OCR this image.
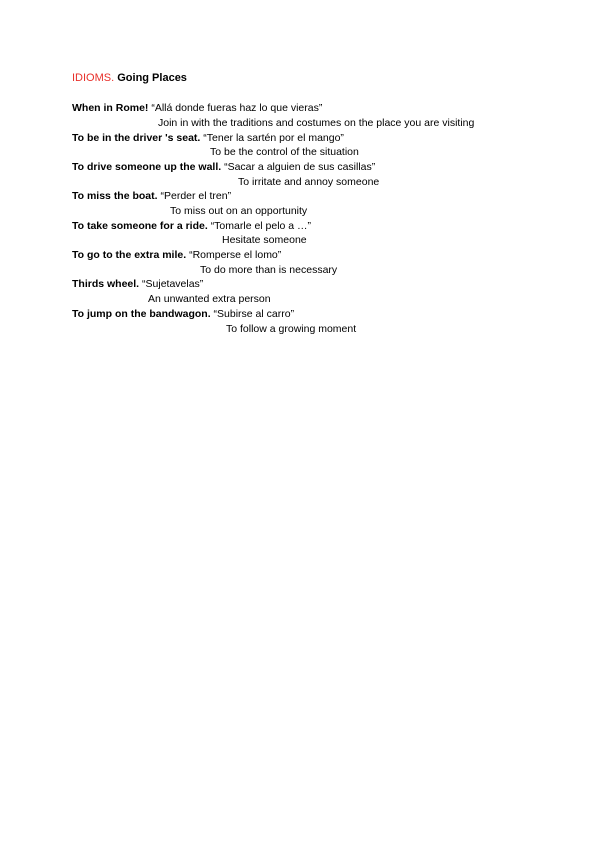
IDIOMS. Going Places
When in Rome! “Allá donde fueras haz lo que vieras”
Join in with the traditions and costumes on the place you are visiting
To be in the driver 's seat. “Tener la sartén por el mango”
To be the control of the situation
To drive someone up the wall. “Sacar a alguien de sus casillas”
To irritate and annoy someone
To miss the boat. “Perder el tren”
To miss out on an opportunity
To take someone for a ride. “Tomarle el pelo a …”
Hesitate someone
To go to the extra mile. “Romperse el lomo”
To do more than is necessary
Thirds wheel. “Sujetavelas”
An unwanted extra person
To jump on the bandwagon. “Subirse al carro”
To follow a growing moment
